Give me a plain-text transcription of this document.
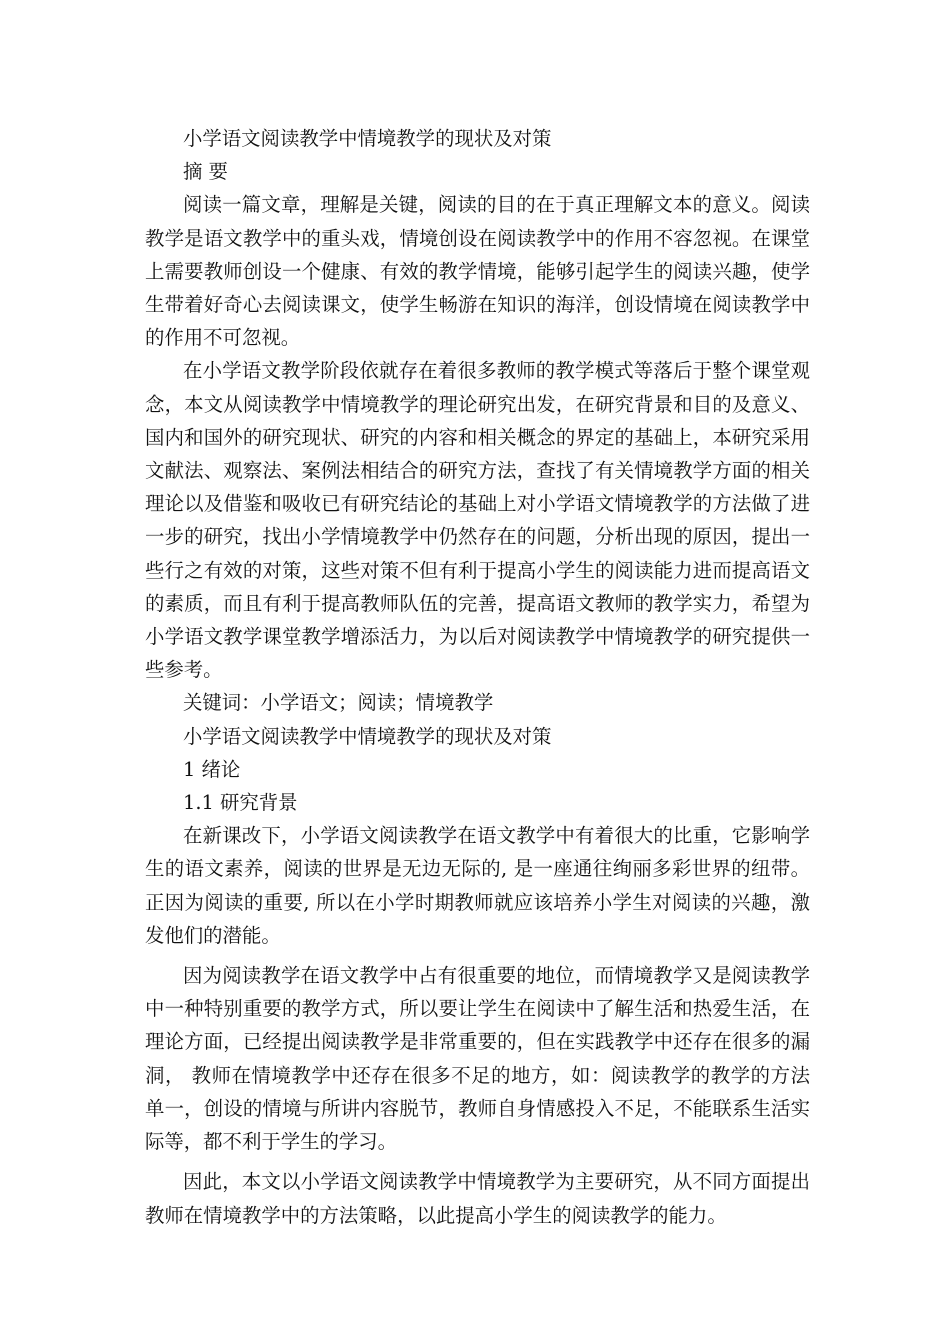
小学语文阅读教学中情境教学的现状及对策

摘 要

阅读一篇文章，理解是关键，阅读的目的在于真正理解文本的意义。阅读教学是语文教学中的重头戏，情境创设在阅读教学中的作用不容忽视。在课堂上需要教师创设一个健康、有效的教学情境，能够引起学生的阅读兴趣，使学生带着好奇心去阅读课文，使学生畅游在知识的海洋，创设情境在阅读教学中的作用不可忽视。

在小学语文教学阶段依就存在着很多教师的教学模式等落后于整个课堂观念，本文从阅读教学中情境教学的理论研究出发，在研究背景和目的及意义、国内和国外的研究现状、研究的内容和相关概念的界定的基础上，本研究采用文献法、观察法、案例法相结合的研究方法，查找了有关情境教学方面的相关理论以及借鉴和吸收已有研究结论的基础上对小学语文情境教学的方法做了进一步的研究，找出小学情境教学中仍然存在的问题，分析出现的原因，提出一些行之有效的对策，这些对策不但有利于提高小学生的阅读能力进而提高语文的素质，而且有利于提高教师队伍的完善，提高语文教师的教学实力，希望为小学语文教学课堂教学增添活力，为以后对阅读教学中情境教学的研究提供一些参考。

关键词：小学语文；阅读；情境教学

小学语文阅读教学中情境教学的现状及对策

1 绪论

1.1 研究背景

在新课改下，小学语文阅读教学在语文教学中有着很大的比重，它影响学生的语文素养，阅读的世界是无边无际的, 是一座通往绚丽多彩世界的纽带。正因为阅读的重要, 所以在小学时期教师就应该培养小学生对阅读的兴趣，激发他们的潜能。

因为阅读教学在语文教学中占有很重要的地位，而情境教学又是阅读教学中一种特别重要的教学方式，所以要让学生在阅读中了解生活和热爱生活，在理论方面，已经提出阅读教学是非常重要的，但在实践教学中还存在很多的漏洞， 教师在情境教学中还存在很多不足的地方，如：阅读教学的教学的方法单一，创设的情境与所讲内容脱节，教师自身情感投入不足，不能联系生活实际等，都不利于学生的学习。

因此，本文以小学语文阅读教学中情境教学为主要研究，从不同方面提出教师在情境教学中的方法策略，以此提高小学生的阅读教学的能力。
